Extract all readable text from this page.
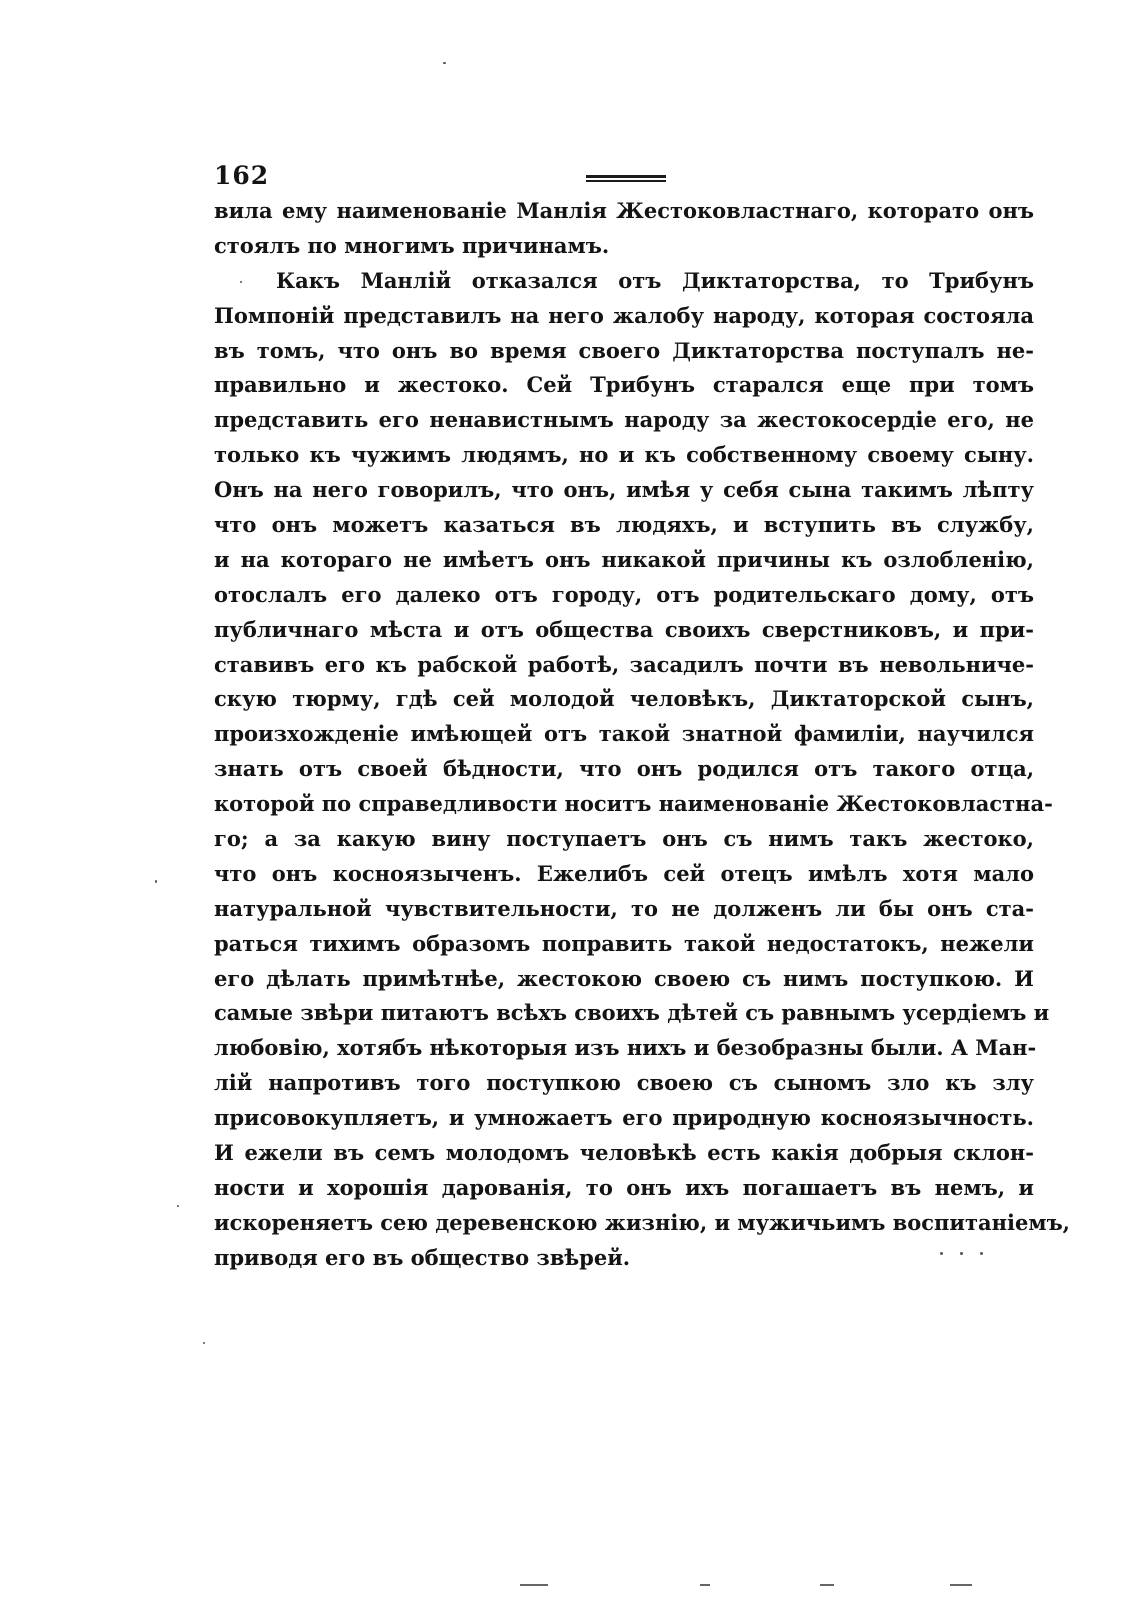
162
вила ему наименованіе Манлія Жестоковластнаго, которато онъ
стоялъ по многимъ причинамъ.
Какъ Манлій отказался отъ Диктаторства, то Трибунъ
Помпоній представилъ на него жалобу народу, которая состояла
въ томъ, что онъ во время своего Диктаторства поступалъ не-
правильно и жестоко. Сей Трибунъ старался еще при томъ
представить его ненавистнымъ народу за жестокосердіе его, не
только къ чужимъ людямъ, но и къ собственному своему сыну.
Онъ на него говорилъ, что онъ, имѣя у себя сына такимъ лѣпту
что онъ можетъ казаться въ людяхъ, и вступить въ службу,
и на котораго не имѣетъ онъ никакой причины къ озлобленію,
отослалъ его далеко отъ городу, отъ родительскаго дому, отъ
публичнаго мѣста и отъ общества своихъ сверстниковъ, и при-
ставивъ его къ рабской работѣ, засадилъ почти въ невольниче-
скую тюрму, гдѣ сей молодой человѣкъ, Диктаторской сынъ,
произхожденіе имѣющей отъ такой знатной фамиліи, научился
знать отъ своей бѣдности, что онъ родился отъ такого отца,
которой по справедливости носитъ наименованіе Жестоковластна-
го; а за какую вину поступаетъ онъ съ нимъ такъ жестоко,
что онъ косноязыченъ. Ежелибъ сей отецъ имѣлъ хотя мало
натуральной чувствительности, то не долженъ ли бы онъ ста-
раться тихимъ образомъ поправить такой недостатокъ, нежели
его дѣлать примѣтнѣе, жестокою своею съ нимъ поступкою. И
самые звѣри питаютъ всѣхъ своихъ дѣтей съ равнымъ усердіемъ и
любовію, хотябъ нѣкоторыя изъ нихъ и безобразны были. А Ман-
лій напротивъ того поступкою своею съ сыномъ зло къ злу
присовокупляетъ, и умножаетъ его природную косноязычность.
И ежели въ семъ молодомъ человѣкѣ есть какія добрыя склон-
ности и хорошія дарованія, то онъ ихъ погашаетъ въ немъ, и
искореняетъ сею деревенскою жизнію, и мужичьимъ воспитаніемъ,
приводя его въ общество звѣрей.
